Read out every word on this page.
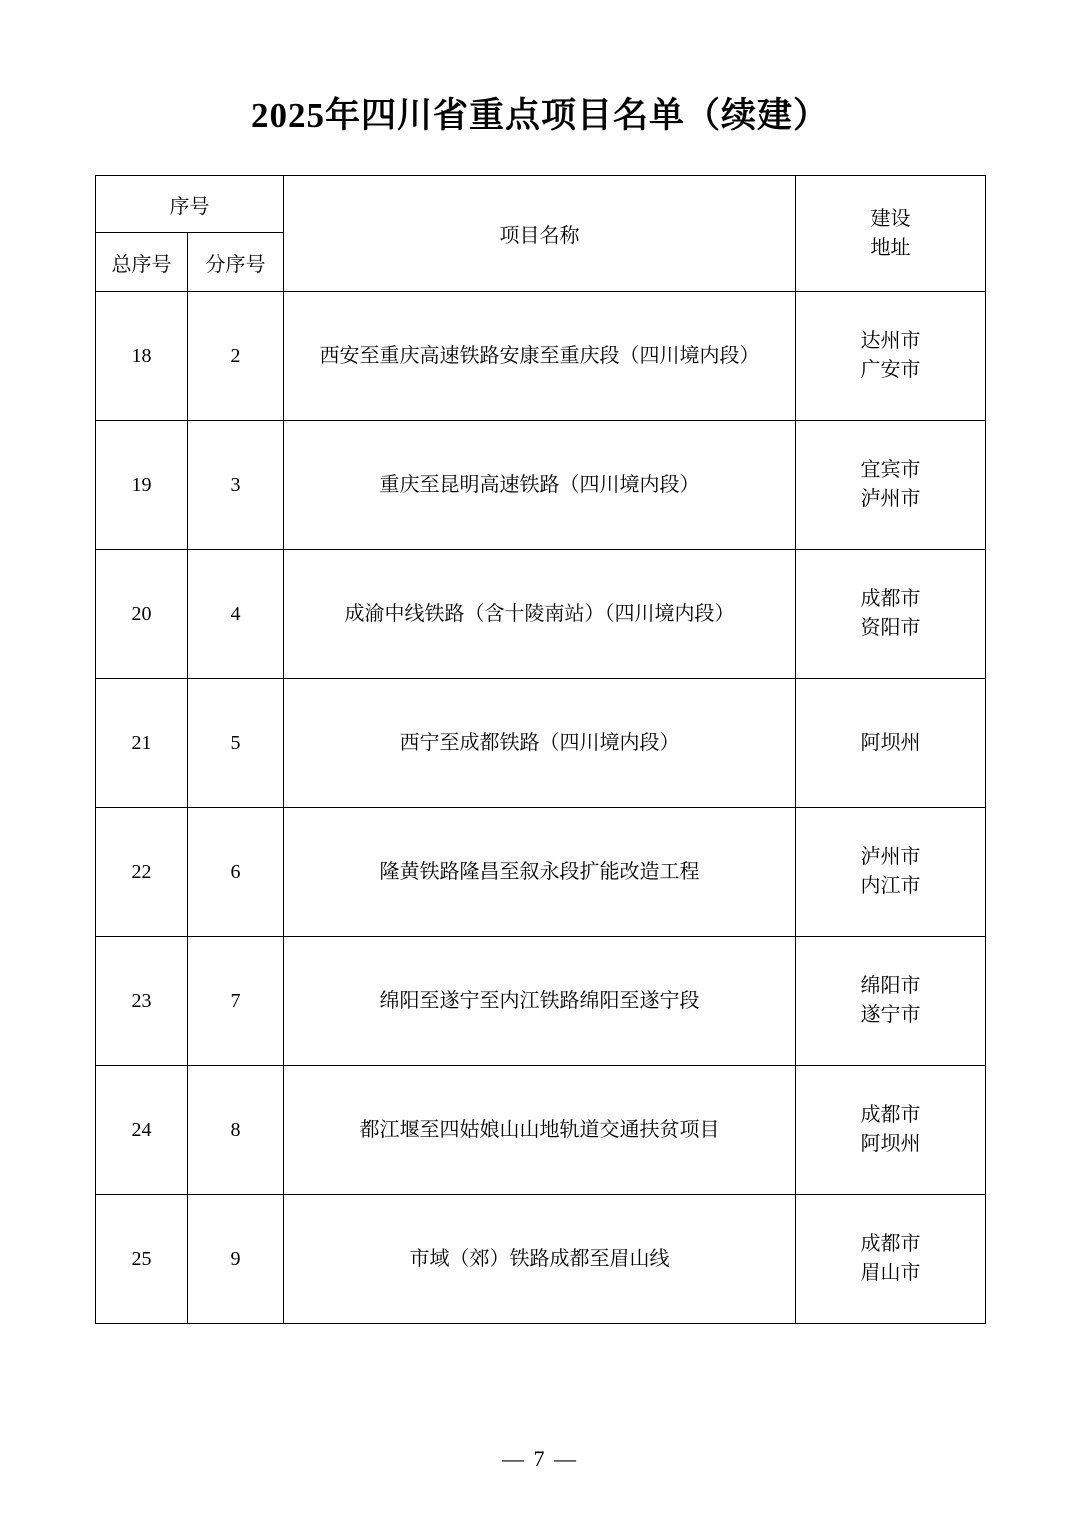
2025年四川省重点项目名单（续建）
序号		项目名称	建设
地址

总序号	分序号		
18	2	西安至重庆高速铁路安康至重庆段（四川境内段）	达州市
广安市

19	3	重庆至昆明高速铁路（四川境内段）	宜宾市
泸州市

20	4	成渝中线铁路（含十陵南站）（四川境内段）	成都市
资阳市

21	5	西宁至成都铁路（四川境内段）	阿坝州

22	6	隆黄铁路隆昌至叙永段扩能改造工程	泸州市
内江市

23	7	绵阳至遂宁至内江铁路绵阳至遂宁段	绵阳市
遂宁市

24	8	都江堰至四姑娘山山地轨道交通扶贫项目	成都市
阿坝州

25	9	市域（郊）铁路成都至眉山线	成都市
眉山市
— 7 —
